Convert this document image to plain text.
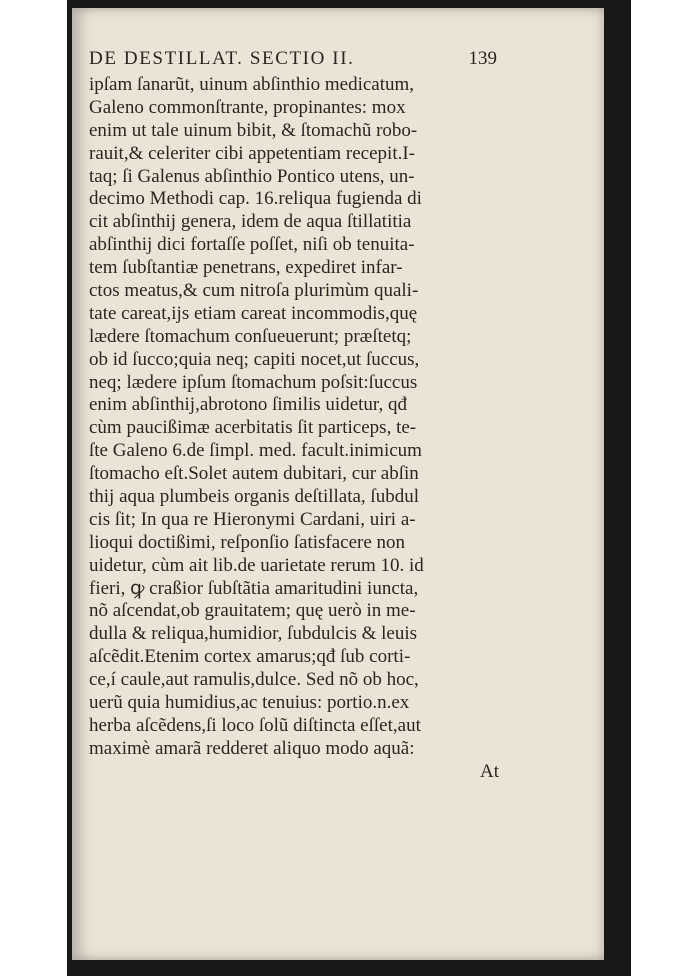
DE DESTILLAT. SECTIO II.	139
ipſam ſanarũt, uinum abſinthio medicatum,
Galeno commonſtrante, propinantes: mox
enim ut tale uinum bibit, & ſtomachũ robo-
rauit,& celeriter cibi appetentiam recepit.I-
taq; ſi Galenus abſinthio Pontico utens, un-
decimo Methodi cap. 16.reliqua fugienda di
cit abſinthij genera, idem de aqua ſtillatitia
abſinthij dici fortaſſe poſſet, niſi ob tenuita-
tem ſubſtantiæ penetrans, expediret infar-
ctos meatus,& cum nitroſa plurimùm quali-
tate careat,ijs etiam careat incommodis,quę
lædere ſtomachum conſueuerunt; præſtetq;
ob id ſucco;quia neq; capiti nocet,ut ſuccus,
neq; lædere ipſum ſtomachum poſsit:ſuccus
enim abſinthij,abrotono ſimilis uidetur, qđ
cùm paucißimæ acerbitatis ſit particeps, te-
ſte Galeno 6.de ſimpl. med. facult.inimicum
ſtomacho eſt.Solet autem dubitari, cur abſin
thij aqua plumbeis organis deſtillata, ſubdul
cis ſit; In qua re Hieronymi Cardani, uiri a-
lioqui doctißimi, reſponſio ſatisfacere non
uidetur, cùm ait lib.de uarietate rerum 10. id
fieri, ꝙ craßior ſubſtãtia amaritudini iuncta,
nõ aſcendat,ob grauitatem; quę uerò in me-
dulla & reliqua,humidior, ſubdulcis & leuis
aſcẽdit.Etenim cortex amarus;qđ ſub corti-
ce,í caule,aut ramulis,dulce. Sed nõ ob hoc,
uerũ quia humidius,ac tenuius: portio.n.ex
herba aſcẽdens,ſi loco ſolũ diſtincta eſſet,aut
maximè amarã redderet aliquo modo aquã:
At
